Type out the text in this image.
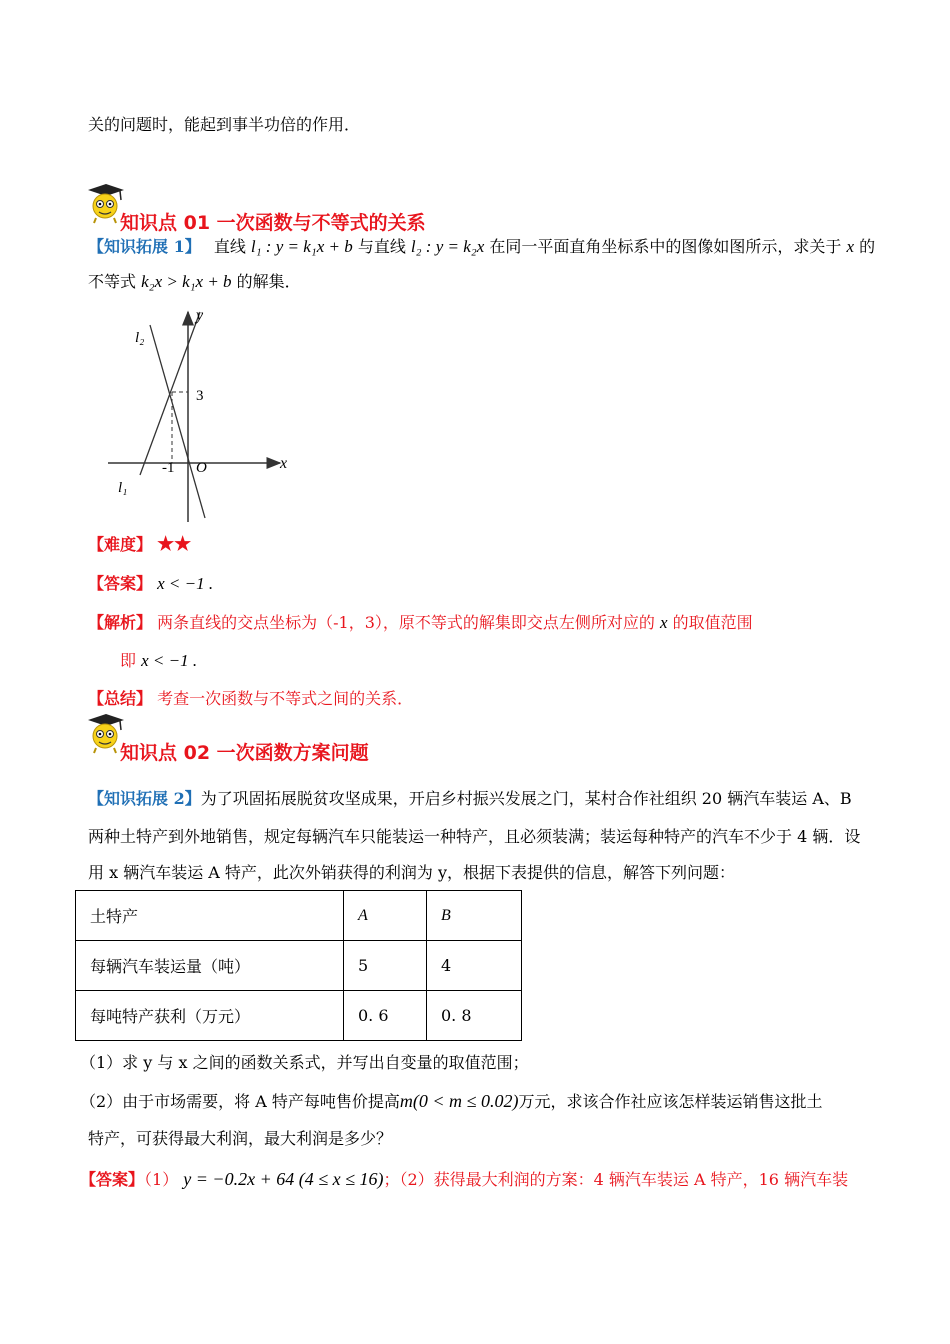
关的问题时，能起到事半功倍的作用．
知识点 01 一次函数与不等式的关系
【知识拓展 1】 直线 l₁ : y = k₁x + b 与直线 l₂ : y = k₂x 在同一平面直角坐标系中的图像如图所示，求关于 x 的
不等式 k₂x > k₁x + b 的解集．
y
x
O
3
-1
l₁
l₂
【难度】 ★★
【答案】 x < −1 .
【解析】 两条直线的交点坐标为（-1，3），原不等式的解集即交点左侧所对应的 x 的取值范围
即 x < −1 .
【总结】 考查一次函数与不等式之间的关系．
知识点 02 一次函数方案问题
【知识拓展 2】为了巩固拓展脱贫攻坚成果，开启乡村振兴发展之门，某村合作社组织 20 辆汽车装运 A、B
两种土特产到外地销售，规定每辆汽车只能装运一种特产，且必须装满；装运每种特产的汽车不少于 4 辆．设
用 x 辆汽车装运 A 特产，此次外销获得的利润为 y，根据下表提供的信息，解答下列问题：
土特产	A	B
每辆汽车装运量（吨）	5	4
每吨特产获利（万元）	0. 6	0. 8
（1）求 y 与 x 之间的函数关系式，并写出自变量的取值范围；
（2）由于市场需要，将 A 特产每吨售价提高m(0 < m ≤ 0.02)万元，求该合作社应该怎样装运销售这批土
特产，可获得最大利润，最大利润是多少？
【答案】（1） y = −0.2x + 64 (4 ≤ x ≤ 16)；（2）获得最大利润的方案：4 辆汽车装运 A 特产，16 辆汽车装
